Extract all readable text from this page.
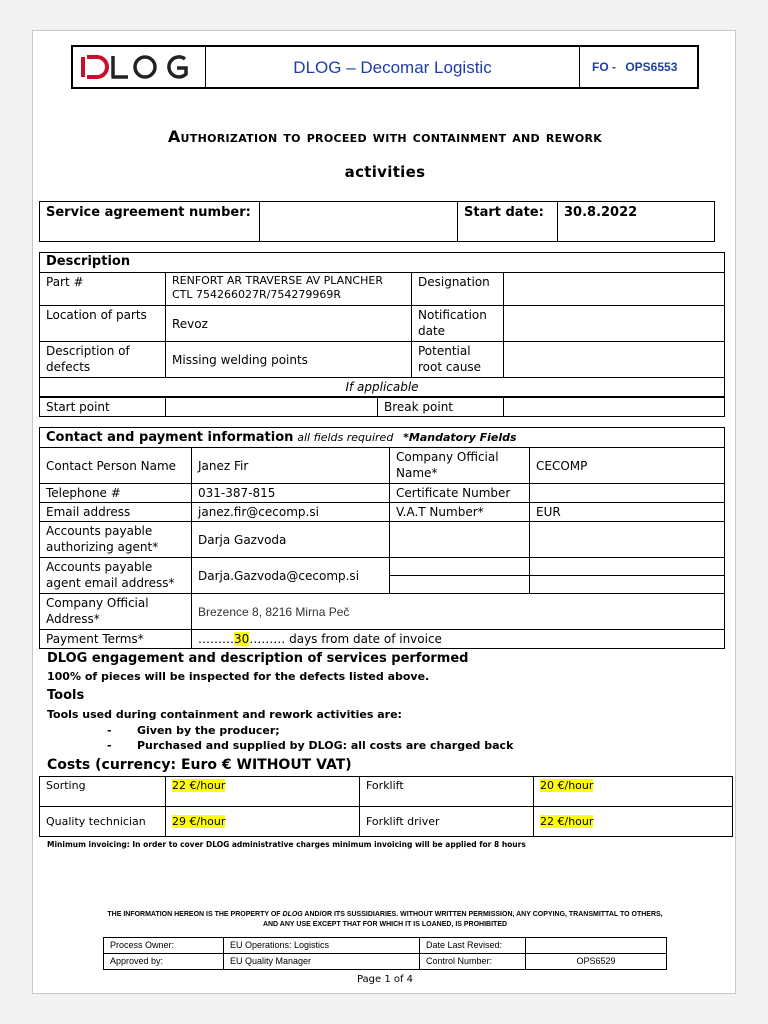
DLOG – Decomar Logistic	FO - OPS6553
Authorization to proceed with containment and rework
activities
Service agreement number:		Start date:	30.8.2022
Description			
Part #	RENFORT AR TRAVERSE AV PLANCHER CTL 754266027R/754279969R	Designation	
Location of parts	Revoz	Notification date	
Description of defects	Missing welding points	Potential root cause	
If applicable			
Start point		Break point	
Contact and payment information all fields required *Mandatory Fields			
Contact Person Name	Janez Fir	Company Official Name*	CECOMP
Telephone #	031-387-815	Certificate Number	
Email address	janez.fir@cecomp.si	V.A.T Number*	EUR
Accounts payable authorizing agent*	Darja Gazvoda		
Accounts payable agent email address*	Darja.Gazvoda@cecomp.si		

Company Official Address*	Brezence 8, 8216 Mirna Peč		
Payment Terms*	………30……… days from date of invoice		
DLOG engagement and description of services performed
100% of pieces will be inspected for the defects listed above.
Tools
Tools used during containment and rework activities are:
- Given by the producer;
- Purchased and supplied by DLOG: all costs are charged back
Costs (currency: Euro € WITHOUT VAT)
Sorting	22 €/hour	Forklift	20 €/hour
Quality technician	29 €/hour	Forklift driver	22 €/hour
Minimum invoicing: In order to cover DLOG administrative charges minimum invoicing will be applied for 8 hours
THE INFORMATION HEREON IS THE PROPERTY OF DLOG AND/OR ITS SUSSIDIARIES. WITHOUT WRITTEN PERMISSION, ANY COPYING, TRANSMITTAL TO OTHERS,
AND ANY USE EXCEPT THAT FOR WHICH IT IS LOANED, IS PROHIBITED
Process Owner:	EU Operations: Logistics	Date Last Revised:	
Approved by:	EU Quality Manager	Control Number:	OPS6529
Page 1 of 4
